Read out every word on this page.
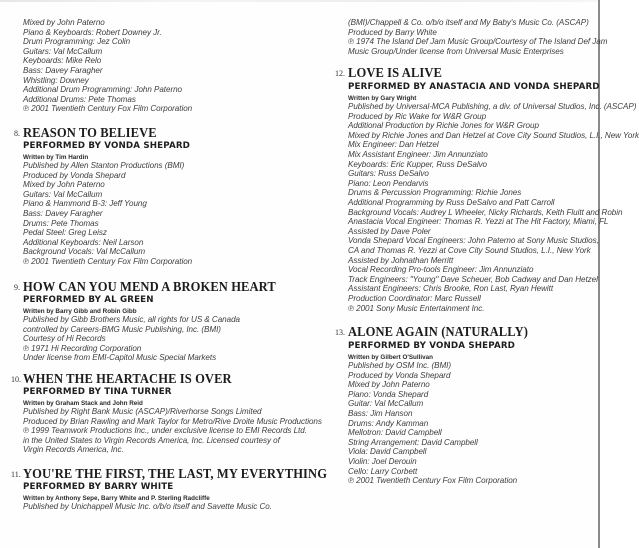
Mixed by John Paterno
Piano & Keyboards: Robert Downey Jr.
Drum Programming: Jez Colin
Guitars: Val McCallum
Keyboards: Mike Relo
Bass: Davey Faragher
Whistling: Downey
Additional Drum Programming: John Paterno
Additional Drums: Pete Thomas
℗ 2001 Twentieth Century Fox Film Corporation
8. REASON TO BELIEVE
PERFORMED BY VONDA SHEPARD
Written by Tim Hardin
Published by Allen Stanton Productions (BMI)
Produced by Vonda Shepard
Mixed by John Paterno
Guitars: Val McCallum
Piano & Hammond B-3: Jeff Young
Bass: Davey Faragher
Drums: Pete Thomas
Pedal Steel: Greg Leisz
Additional Keyboards: Neil Larson
Background Vocals: Val McCallum
℗ 2001 Twentieth Century Fox Film Corporation
9. HOW CAN YOU MEND A BROKEN HEART
PERFORMED BY AL GREEN
Written by Barry Gibb and Robin Gibb
Published by Gibb Brothers Music, all rights for US & Canada
controlled by Careers-BMG Music Publishing, Inc. (BMI)
Courtesy of Hi Records
℗ 1971 Hi Recording Corporation
Under license from EMI-Capitol Music Special Markets
10. WHEN THE HEARTACHE IS OVER
PERFORMED BY TINA TURNER
Written by Graham Stack and John Reid
Published by Right Bank Music (ASCAP)/Riverhorse Songs Limited
Produced by Brian Rawling and Mark Taylor for Metro/Rive Droite Music Productions
℗ 1999 Teamwork Productions Inc., under exclusive license to EMI Records Ltd.
in the United States to Virgin Records America, Inc. Licensed courtesy of
Virgin Records America, Inc.
11. YOU'RE THE FIRST, THE LAST, MY EVERYTHING
PERFORMED BY BARRY WHITE
Written by Anthony Sepe, Barry White and P. Sterling Radcliffe
Published by Unichappell Music Inc. o/b/o itself and Savette Music Co.
(BMI)/Chappell & Co. o/b/o itself and My Baby's Music Co. (ASCAP)
Produced by Barry White
℗ 1974 The Island Def Jam Music Group/Courtesy of The Island Def Jam
Music Group/Under license from Universal Music Enterprises
12. LOVE IS ALIVE
PERFORMED BY ANASTACIA AND VONDA SHEPARD
Written by Gary Wright
Published by Universal-MCA Publishing, a div. of Universal Studios, Inc. (ASCAP)
Produced by Ric Wake for W&R Group
Additional Production by Richie Jones for W&R Group
Mixed by Richie Jones and Dan Hetzel at Cove City Sound Studios, L.I., New York
Mix Engineer: Dan Hetzel
Mix Assistant Engineer: Jim Annunziato
Keyboards: Eric Kupper, Russ DeSalvo
Guitars: Russ DeSalvo
Piano: Leon Pendarvis
Drums & Percussion Programming: Richie Jones
Additional Programming by Russ DeSalvo and Patt Carroll
Background Vocals: Audrey L Wheeler, Nicky Richards, Keith Fluitt and Robin
Anastacia Vocal Engineer: Thomas R. Yezzi at The Hit Factory, Miami, FL
Assisted by Dave Poler
Vonda Shepard Vocal Engineers: John Paterno at Sony Music Studios,
CA and Thomas R. Yezzi at Cove City Sound Studios, L.I., New York
Assisted by Johnathan Merritt
Vocal Recording Pro-tools Engineer: Jim Annunziato
Track Engineers: "Young" Dave Scheuer, Bob Cadway and Dan Hetzel
Assistant Engineers: Chris Brooke, Ron Last, Ryan Hewitt
Production Coordinator: Marc Russell
℗ 2001 Sony Music Entertainment Inc.
13. ALONE AGAIN (NATURALLY)
PERFORMED BY VONDA SHEPARD
Written by Gilbert O'Sullivan
Published by OSM Inc. (BMI)
Produced by Vonda Shepard
Mixed by John Paterno
Piano: Vonda Shepard
Guitar: Val McCallum
Bass: Jim Hanson
Drums: Andy Kamman
Mellotron: David Campbell
String Arrangement: David Campbell
Viola: David Campbell
Violin: Joel Derouin
Cello: Larry Corbett
℗ 2001 Twentieth Century Fox Film Corporation
